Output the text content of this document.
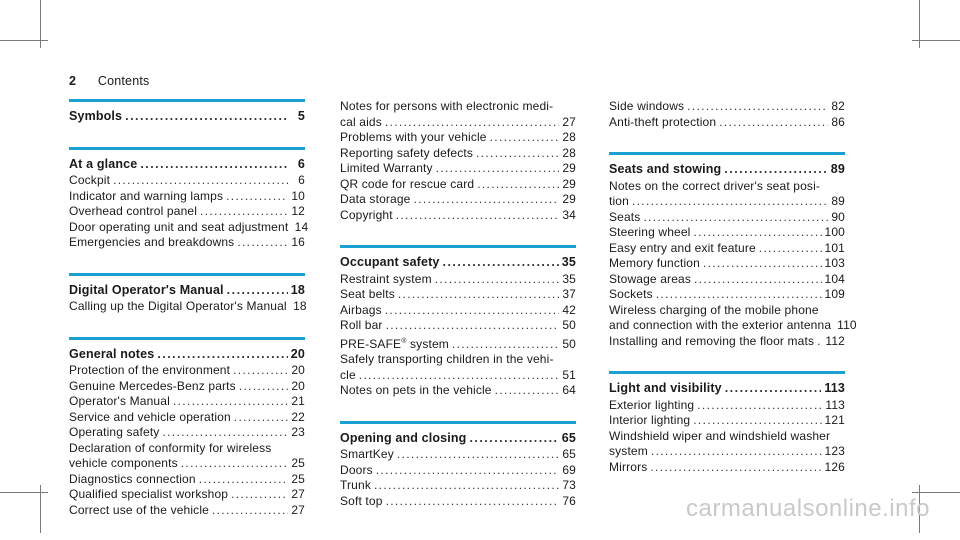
2 Contents
Symbols . . .	5
At a glance . . .	6
Cockpit . . .	6
Indicator and warning lamps . . .	10
Overhead control panel . . .	12
Door operating unit and seat adjustment 14
Emergencies and breakdowns . . .	16
Digital Operator's Manual . . .	18
Calling up the Digital Operator's Manual 18
General notes . . .	20
Protection of the environment . . .	20
Genuine Mercedes-Benz parts . . .	20
Operator's Manual . . .	21
Service and vehicle operation . . .	22
Operating safety . . .	23
Declaration of conformity for wireless
vehicle components . . .	25
Diagnostics connection . . .	25
Qualified specialist workshop . . .	27
Correct use of the vehicle . . .	27
Notes for persons with electronic medi-
cal aids . . .	27
Problems with your vehicle . . .	28
Reporting safety defects . . .	28
Limited Warranty . . .	29
QR code for rescue card . . .	29
Data storage . . .	29
Copyright . . .	34
Occupant safety . . .	35
Restraint system . . .	35
Seat belts . . .	37
Airbags . . .	42
Roll bar . . .	50
PRE-SAFE® system . . .	50
Safely transporting children in the vehi-
cle . . .	51
Notes on pets in the vehicle . . .	64
Opening and closing . . .	65
SmartKey . . .	65
Doors . . .	69
Trunk . . .	73
Soft top . . .	76
Side windows . . .	82
Anti-theft protection . . .	86
Seats and stowing . . .	89
Notes on the correct driver's seat posi-
tion . . .	89
Seats . . .	90
Steering wheel . . .	100
Easy entry and exit feature . . .	101
Memory function . . .	103
Stowage areas . . .	104
Sockets . . .	109
Wireless charging of the mobile phone
and connection with the exterior antenna 110
Installing and removing the floor mats . . . 112
Light and visibility . . .	113
Exterior lighting . . .	113
Interior lighting . . .	121
Windshield wiper and windshield washer
system . . .	123
Mirrors . . .	126
carmanualsonline.info
